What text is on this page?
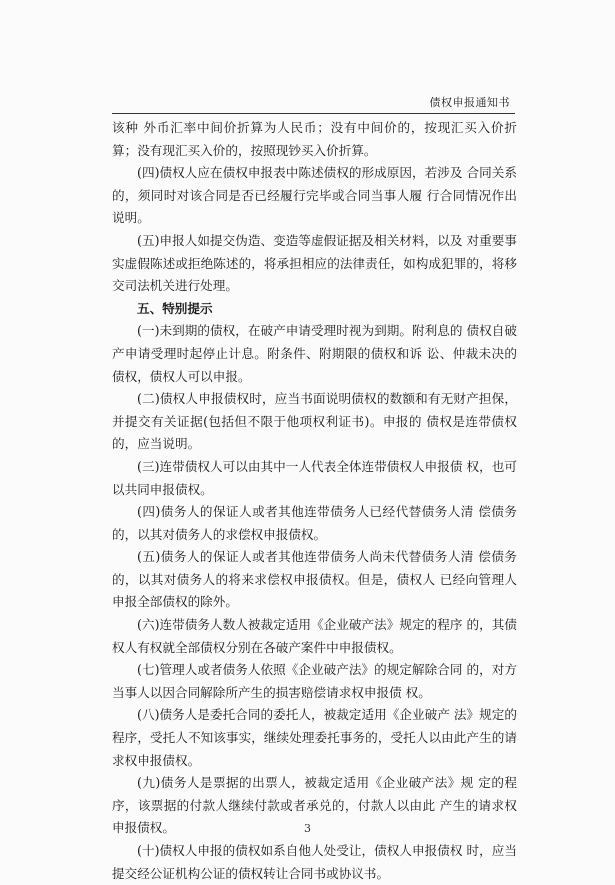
债权申报通知书

该种 外币汇率中间价折算为人民币；没有中间价的，按现汇买入价折 算；没有现汇买入价的，按照现钞买入价折算。

(四)债权人应在债权申报表中陈述债权的形成原因，若涉及 合同关系的，须同时对该合同是否已经履行完毕或合同当事人履 行合同情况作出说明。

(五)申报人如提交伪造、变造等虚假证据及相关材料，以及 对重要事实虚假陈述或拒绝陈述的，将承担相应的法律责任，如构成犯罪的，将移交司法机关进行处理。

五、特别提示

(一)未到期的债权，在破产申请受理时视为到期。附利息的 债权自破产申请受理时起停止计息。附条件、附期限的债权和诉 讼、仲裁未决的债权，债权人可以申报。

(二)债权人申报债权时，应当书面说明债权的数额和有无财产担保，并提交有关证据(包括但不限于他项权利证书)。申报的 债权是连带债权的，应当说明。

(三)连带债权人可以由其中一人代表全体连带债权人申报债 权，也可以共同申报债权。

(四)债务人的保证人或者其他连带债务人已经代替债务人清 偿债务的，以其对债务人的求偿权申报债权。

(五)债务人的保证人或者其他连带债务人尚未代替债务人清 偿债务的，以其对债务人的将来求偿权申报债权。但是，债权人 已经向管理人申报全部债权的除外。

(六)连带债务人数人被裁定适用《企业破产法》规定的程序 的，其债权人有权就全部债权分别在各破产案件中申报债权。

(七)管理人或者债务人依照《企业破产法》的规定解除合同 的，对方当事人以因合同解除所产生的损害赔偿请求权申报债 权。

(八)债务人是委托合同的委托人，被裁定适用《企业破产 法》规定的程序，受托人不知该事实，继续处理委托事务的，受托人以由此产生的请求权申报债权。

(九)债务人是票据的出票人，被裁定适用《企业破产法》规 定的程序，该票据的付款人继续付款或者承兑的，付款人以由此 产生的请求权申报债权。

(十)债权人申报的债权如系自他人处受让，债权人申报债权 时，应当提交经公证机构公证的债权转让合同书或协议书。

3
